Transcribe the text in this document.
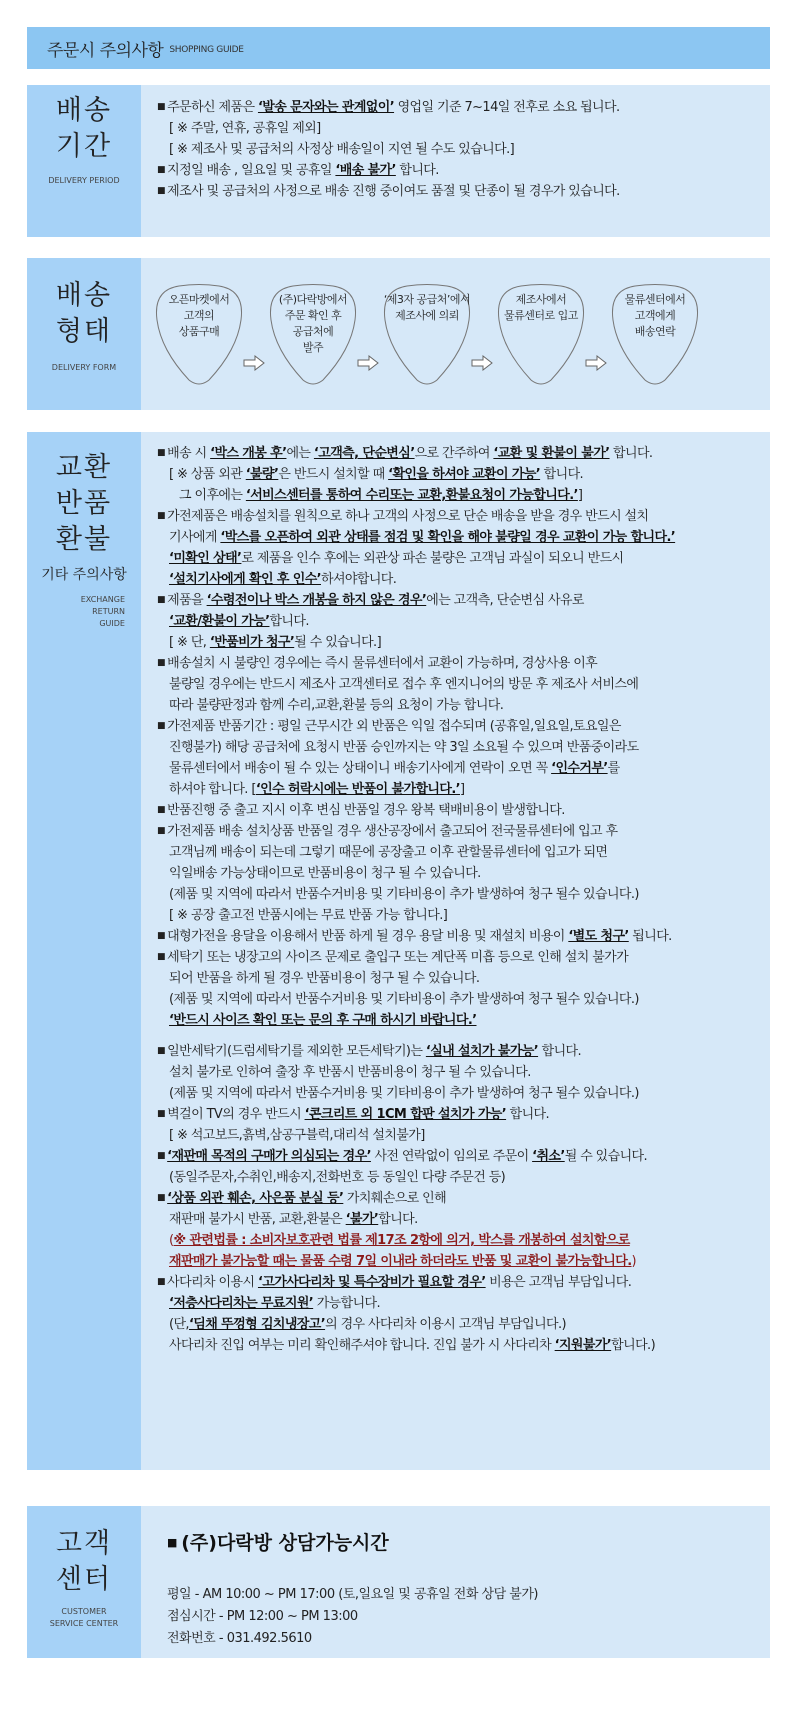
주문시 주의사항 SHOPPING GUIDE
배송
기간
DELIVERY PERIOD
■ 주문하신 제품은 ‘발송 문자와는 관계없이’ 영업일 기준 7~14일 전후로 소요 됩니다.
[ ※ 주말, 연휴, 공휴일 제외]
[ ※ 제조사 및 공급처의 사정상 배송일이 지연 될 수도 있습니다.]
■ 지정일 배송 , 일요일 및 공휴일 ‘배송 불가’ 합니다.
■ 제조사 및 공급처의 사정으로 배송 진행 중이여도 품절 및 단종이 될 경우가 있습니다.
배송
형태
DELIVERY FORM
오픈마켓에서
고객의
상품구매
(주)다락방에서
주문 확인 후
공급처에
발주
‘제3자 공급처’에서
제조사에 의뢰
제조사에서
물류센터로 입고
물류센터에서
고객에게
배송연락
교환
반품
환불
기타 주의사항
EXCHANGE
RETURN
GUIDE
■ 배송 시 ‘박스 개봉 후’에는 ‘고객측, 단순변심’으로 간주하여 ‘교환 및 환불이 불가’ 합니다.
[ ※ 상품 외관 ‘불량’은 반드시 설치할 때 ‘확인을 하셔야 교환이 가능’ 합니다.
그 이후에는 ‘서비스센터를 통하여 수리또는 교환,환불요청이 가능합니다.’]
■ 가전제품은 배송설치를 원칙으로 하나 고객의 사정으로 단순 배송을 받을 경우 반드시 설치
기사에게 ‘박스를 오픈하여 외관 상태를 점검 및 확인을 해야 불량일 경우 교환이 가능 합니다.’
‘미확인 상태’로 제품을 인수 후에는 외관상 파손 불량은 고객님 과실이 되오니 반드시
‘설치기사에게 확인 후 인수’하셔야합니다.
■ 제품을 ‘수령전이나 박스 개봉을 하지 않은 경우’에는 고객측, 단순변심 사유로
‘교환/환불이 가능’합니다.
[ ※ 단, ‘반품비가 청구’될 수 있습니다.]
■ 배송설치 시 불량인 경우에는 즉시 물류센터에서 교환이 가능하며, 경상사용 이후
불량일 경우에는 반드시 제조사 고객센터로 접수 후 엔지니어의 방문 후 제조사 서비스에
따라 불량판정과 함께 수리,교환,환불 등의 요청이 가능 합니다.
■ 가전제품 반품기간 : 평일 근무시간 외 반품은 익일 접수되며 (공휴일,일요일,토요일은
진행불가) 해당 공급처에 요청시 반품 승인까지는 약 3일 소요될 수 있으며 반품중이라도
물류센터에서 배송이 될 수 있는 상태이니 배송기사에게 연락이 오면 꼭 ‘인수거부’를
하셔야 합니다. [‘인수 허락시에는 반품이 불가합니다.’]
■ 반품진행 중 출고 지시 이후 변심 반품일 경우 왕복 택배비용이 발생합니다.
■ 가전제품 배송 설치상품 반품일 경우 생산공장에서 출고되어 전국물류센터에 입고 후
고객님께 배송이 되는데 그렇기 때문에 공장출고 이후 관할물류센터에 입고가 되면
익일배송 가능상태이므로 반품비용이 청구 될 수 있습니다.
(제품 및 지역에 따라서 반품수거비용 및 기타비용이 추가 발생하여 청구 될수 있습니다.)
[ ※ 공장 출고전 반품시에는 무료 반품 가능 합니다.]
■ 대형가전을 용달을 이용해서 반품 하게 될 경우 용달 비용 및 재설치 비용이 ‘별도 청구’ 됩니다.
■ 세탁기 또는 냉장고의 사이즈 문제로 출입구 또는 계단폭 미흡 등으로 인해 설치 불가가
되어 반품을 하게 될 경우 반품비용이 청구 될 수 있습니다.
(제품 및 지역에 따라서 반품수거비용 및 기타비용이 추가 발생하여 청구 될수 있습니다.)
‘반드시 사이즈 확인 또는 문의 후 구매 하시기 바랍니다.’
■ 일반세탁기(드럼세탁기를 제외한 모든세탁기)는 ‘실내 설치가 불가능’ 합니다.
설치 불가로 인하여 출장 후 반품시 반품비용이 청구 될 수 있습니다.
(제품 및 지역에 따라서 반품수거비용 및 기타비용이 추가 발생하여 청구 될수 있습니다.)
■ 벽걸이 TV의 경우 반드시 ‘콘크리트 외 1CM 합판 설치가 가능’ 합니다.
[ ※ 석고보드,흙벽,삼공구블럭,대리석 설치불가]
■ ‘재판매 목적의 구매가 의심되는 경우’ 사전 연락없이 임의로 주문이 ‘취소’될 수 있습니다.
(동일주문자,수취인,배송지,전화번호 등 동일인 다량 주문건 등)
■ ‘상품 외관 훼손, 사은품 분실 등’ 가치훼손으로 인해
재판매 불가시 반품, 교환,환불은 ‘불가’합니다.
(※ 관련법률 : 소비자보호관련 법률 제17조 2항에 의거, 박스를 개봉하여 설치함으로
재판매가 불가능할 때는 물품 수령 7일 이내라 하더라도 반품 및 교환이 불가능합니다.)
■ 사다리차 이용시 ‘고가사다리차 및 특수장비가 필요할 경우’ 비용은 고객님 부담입니다.
‘저층사다리차는 무료지원’ 가능합니다.
(단,‘딤채 뚜껑형 김치냉장고’의 경우 사다리차 이용시 고객님 부담입니다.)
사다리차 진입 여부는 미리 확인해주셔야 합니다. 진입 불가 시 사다리차 ‘지원불가’합니다.)
고객
센터
CUSTOMER
SERVICE CENTER
■ (주)다락방 상담가능시간
평일 - AM 10:00 ~ PM 17:00 (토,일요일 및 공휴일 전화 상담 불가)
점심시간 - PM 12:00 ~ PM 13:00
전화번호 - 031.492.5610
